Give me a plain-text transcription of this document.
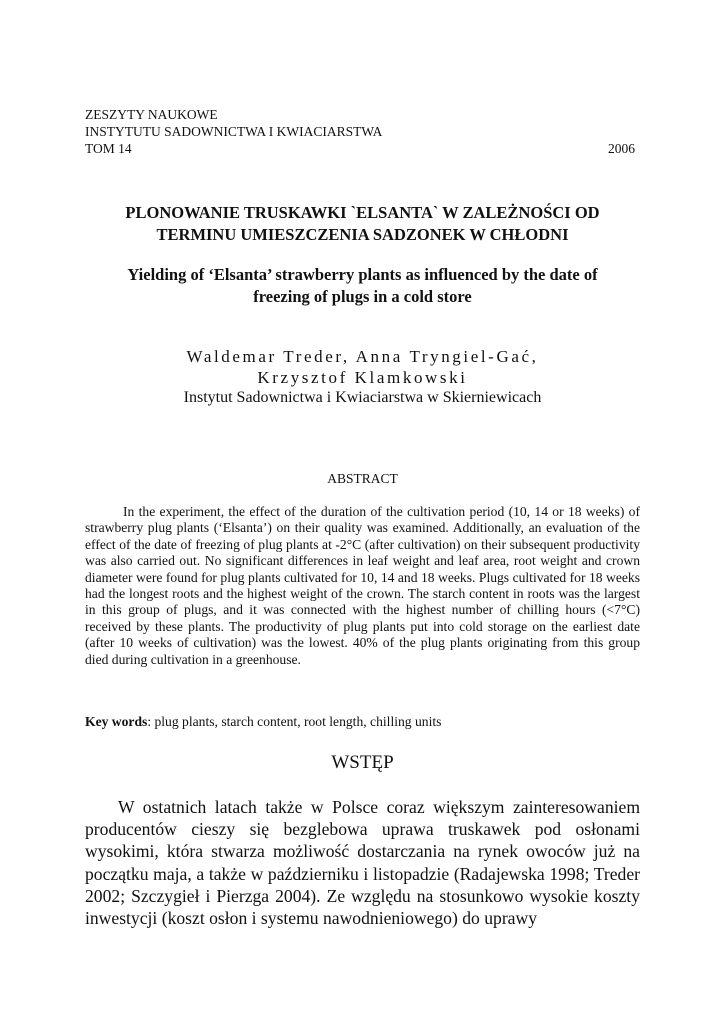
ZESZYTY NAUKOWE
INSTYTUTU SADOWNICTWA I KWIACIARSTWA
TOM 14	2006
PLONOWANIE TRUSKAWKI `ELSANTA` W ZALEŻNOŚCI OD
TERMINU UMIESZCZENIA SADZONEK W CHŁODNI
Yielding of ‘Elsanta’ strawberry plants as influenced by the date of
freezing of plugs in a cold store
Waldemar Treder, Anna Tryngiel-Gać,
Krzysztof Klamkowski
Instytut Sadownictwa i Kwiaciarstwa w Skierniewicach
ABSTRACT
In the experiment, the effect of the duration of the cultivation period (10, 14 or 18 weeks) of strawberry plug plants (‘Elsanta’) on their quality was examined. Additionally, an evaluation of the effect of the date of freezing of plug plants at -2°C (after cultivation) on their subsequent productivity was also carried out. No significant differences in leaf weight and leaf area, root weight and crown diameter were found for plug plants cultivated for 10, 14 and 18 weeks. Plugs cultivated for 18 weeks had the longest roots and the highest weight of the crown. The starch content in roots was the largest in this group of plugs, and it was connected with the highest number of chilling hours (<7°C) received by these plants. The productivity of plug plants put into cold storage on the earliest date (after 10 weeks of cultivation) was the lowest. 40% of the plug plants originating from this group died during cultivation in a greenhouse.
Key words: plug plants, starch content, root length, chilling units
WSTĘP
W ostatnich latach także w Polsce coraz większym zainteresowaniem producentów cieszy się bezglebowa uprawa truskawek pod osłonami wysokimi, która stwarza możliwość dostarczania na rynek owoców już na początku maja, a także w październiku i listopadzie (Radajewska 1998; Treder 2002; Szczygieł i Pierzga 2004). Ze względu na stosunkowo wysokie koszty inwestycji (koszt osłon i systemu nawodnieniowego) do uprawy
